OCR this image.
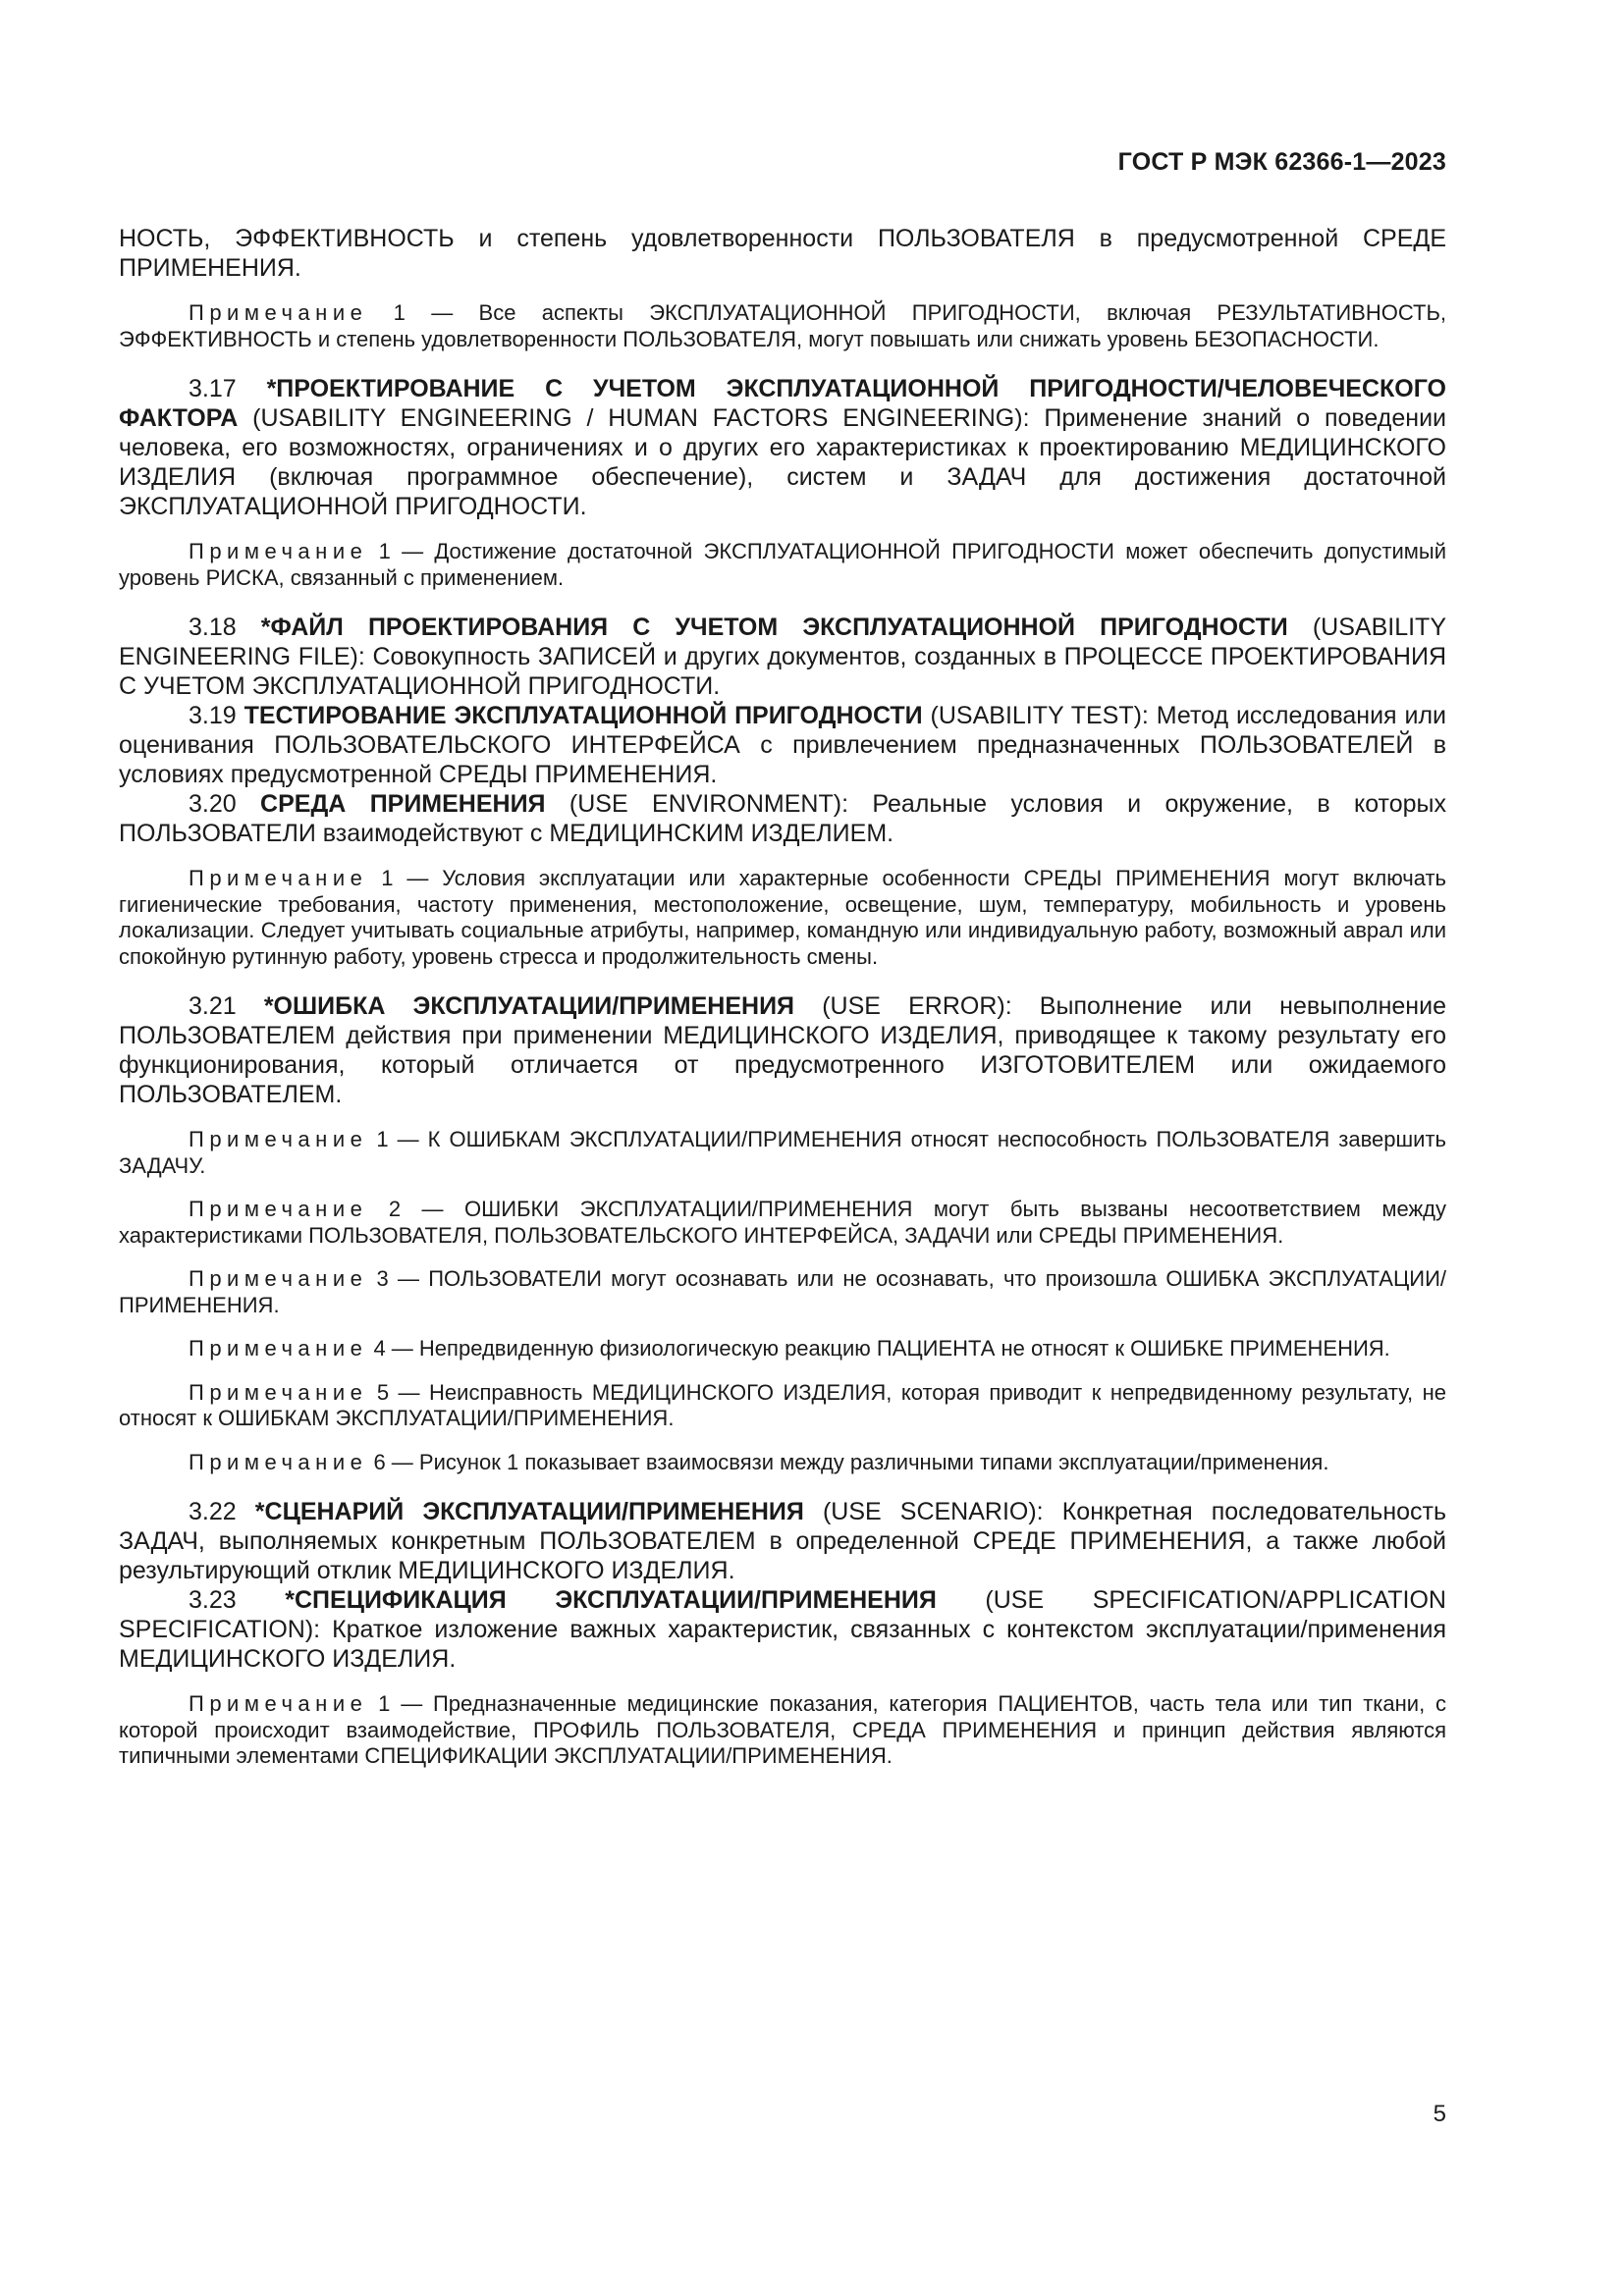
ГОСТ Р МЭК 62366-1—2023

НОСТЬ, ЭФФЕКТИВНОСТЬ и степень удовлетворенности ПОЛЬЗОВАТЕЛЯ в предусмотренной СРЕДЕ ПРИМЕНЕНИЯ.

Примечание 1 — Все аспекты ЭКСПЛУАТАЦИОННОЙ ПРИГОДНОСТИ, включая РЕЗУЛЬТАТИВНОСТЬ, ЭФФЕКТИВНОСТЬ и степень удовлетворенности ПОЛЬЗОВАТЕЛЯ, могут повышать или снижать уровень БЕЗОПАСНОСТИ.

3.17 *ПРОЕКТИРОВАНИЕ С УЧЕТОМ ЭКСПЛУАТАЦИОННОЙ ПРИГОДНОСТИ/ЧЕЛОВЕЧЕСКОГО ФАКТОРА (USABILITY ENGINEERING / HUMAN FACTORS ENGINEERING): Применение знаний о поведении человека, его возможностях, ограничениях и о других его характеристиках к проектированию МЕДИЦИНСКОГО ИЗДЕЛИЯ (включая программное обеспечение), систем и ЗАДАЧ для достижения достаточной ЭКСПЛУАТАЦИОННОЙ ПРИГОДНОСТИ.

Примечание 1 — Достижение достаточной ЭКСПЛУАТАЦИОННОЙ ПРИГОДНОСТИ может обеспечить допустимый уровень РИСКА, связанный с применением.

3.18 *ФАЙЛ ПРОЕКТИРОВАНИЯ С УЧЕТОМ ЭКСПЛУАТАЦИОННОЙ ПРИГОДНОСТИ (USABILITY ENGINEERING FILE): Совокупность ЗАПИСЕЙ и других документов, созданных в ПРОЦЕССЕ ПРОЕКТИРОВАНИЯ С УЧЕТОМ ЭКСПЛУАТАЦИОННОЙ ПРИГОДНОСТИ.

3.19 ТЕСТИРОВАНИЕ ЭКСПЛУАТАЦИОННОЙ ПРИГОДНОСТИ (USABILITY TEST): Метод исследования или оценивания ПОЛЬЗОВАТЕЛЬСКОГО ИНТЕРФЕЙСА с привлечением предназначенных ПОЛЬЗОВАТЕЛЕЙ в условиях предусмотренной СРЕДЫ ПРИМЕНЕНИЯ.

3.20 СРЕДА ПРИМЕНЕНИЯ (USE ENVIRONMENT): Реальные условия и окружение, в которых ПОЛЬЗОВАТЕЛИ взаимодействуют с МЕДИЦИНСКИМ ИЗДЕЛИЕМ.

Примечание 1 — Условия эксплуатации или характерные особенности СРЕДЫ ПРИМЕНЕНИЯ могут включать гигиенические требования, частоту применения, местоположение, освещение, шум, температуру, мобильность и уровень локализации. Следует учитывать социальные атрибуты, например, командную или индивидуальную работу, возможный аврал или спокойную рутинную работу, уровень стресса и продолжительность смены.

3.21 *ОШИБКА ЭКСПЛУАТАЦИИ/ПРИМЕНЕНИЯ (USE ERROR): Выполнение или невыполнение ПОЛЬЗОВАТЕЛЕМ действия при применении МЕДИЦИНСКОГО ИЗДЕЛИЯ, приводящее к такому результату его функционирования, который отличается от предусмотренного ИЗГОТОВИТЕЛЕМ или ожидаемого ПОЛЬЗОВАТЕЛЕМ.

Примечание 1 — К ОШИБКАМ ЭКСПЛУАТАЦИИ/ПРИМЕНЕНИЯ относят неспособность ПОЛЬЗОВАТЕЛЯ завершить ЗАДАЧУ.

Примечание 2 — ОШИБКИ ЭКСПЛУАТАЦИИ/ПРИМЕНЕНИЯ могут быть вызваны несоответствием между характеристиками ПОЛЬЗОВАТЕЛЯ, ПОЛЬЗОВАТЕЛЬСКОГО ИНТЕРФЕЙСА, ЗАДАЧИ или СРЕДЫ ПРИМЕНЕНИЯ.

Примечание 3 — ПОЛЬЗОВАТЕЛИ могут осознавать или не осознавать, что произошла ОШИБКА ЭКСПЛУАТАЦИИ/ПРИМЕНЕНИЯ.

Примечание 4 — Непредвиденную физиологическую реакцию ПАЦИЕНТА не относят к ОШИБКЕ ПРИМЕНЕНИЯ.

Примечание 5 — Неисправность МЕДИЦИНСКОГО ИЗДЕЛИЯ, которая приводит к непредвиденному результату, не относят к ОШИБКАМ ЭКСПЛУАТАЦИИ/ПРИМЕНЕНИЯ.

Примечание 6 — Рисунок 1 показывает взаимосвязи между различными типами эксплуатации/применения.

3.22 *СЦЕНАРИЙ ЭКСПЛУАТАЦИИ/ПРИМЕНЕНИЯ (USE SCENARIO): Конкретная последовательность ЗАДАЧ, выполняемых конкретным ПОЛЬЗОВАТЕЛЕМ в определенной СРЕДЕ ПРИМЕНЕНИЯ, а также любой результирующий отклик МЕДИЦИНСКОГО ИЗДЕЛИЯ.

3.23 *СПЕЦИФИКАЦИЯ ЭКСПЛУАТАЦИИ/ПРИМЕНЕНИЯ (USE SPECIFICATION/APPLICATION SPECIFICATION): Краткое изложение важных характеристик, связанных с контекстом эксплуатации/применения МЕДИЦИНСКОГО ИЗДЕЛИЯ.

Примечание 1 — Предназначенные медицинские показания, категория ПАЦИЕНТОВ, часть тела или тип ткани, с которой происходит взаимодействие, ПРОФИЛЬ ПОЛЬЗОВАТЕЛЯ, СРЕДА ПРИМЕНЕНИЯ и принцип действия являются типичными элементами СПЕЦИФИКАЦИИ ЭКСПЛУАТАЦИИ/ПРИМЕНЕНИЯ.

5
